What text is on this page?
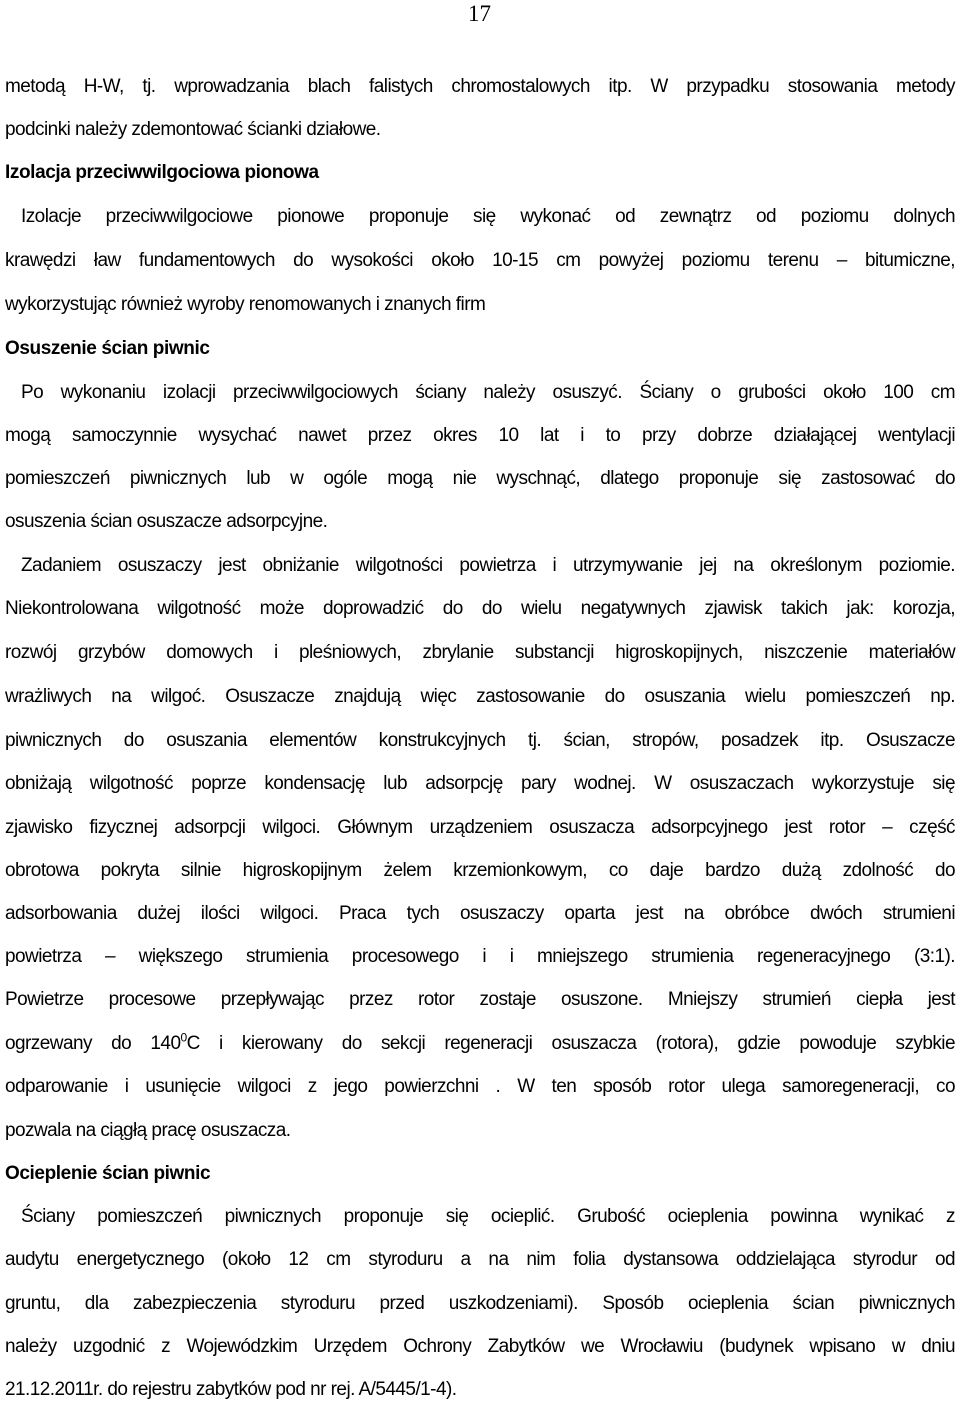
17
metodą H-W, tj. wprowadzania blach falistych chromostalowych itp. W przypadku stosowania metody
podcinki należy zdemontować ścianki działowe.
Izolacja przeciwwilgociowa pionowa
Izolacje przeciwwilgociowe pionowe proponuje się wykonać od zewnątrz od poziomu dolnych
krawędzi ław fundamentowych do wysokości około 10-15 cm powyżej poziomu terenu – bitumiczne,
wykorzystując również wyroby renomowanych i znanych firm
Osuszenie ścian piwnic
Po wykonaniu izolacji przeciwwilgociowych ściany należy osuszyć. Ściany o grubości około 100 cm
mogą samoczynnie wysychać nawet przez okres 10 lat i to przy dobrze działającej wentylacji
pomieszczeń piwnicznych lub w ogóle mogą nie wyschnąć, dlatego proponuje się zastosować do
osuszenia ścian osuszacze adsorpcyjne.
Zadaniem osuszaczy jest obniżanie wilgotności powietrza i utrzymywanie jej na określonym poziomie.
Niekontrolowana wilgotność może doprowadzić do do wielu negatywnych zjawisk takich jak: korozja,
rozwój grzybów domowych i pleśniowych, zbrylanie substancji higroskopijnych, niszczenie materiałów
wrażliwych na wilgoć. Osuszacze znajdują więc zastosowanie do osuszania wielu pomieszczeń np.
piwnicznych do osuszania elementów konstrukcyjnych tj. ścian, stropów, posadzek itp. Osuszacze
obniżają wilgotność poprze kondensację lub adsorpcję pary wodnej. W osuszaczach wykorzystuje się
zjawisko fizycznej adsorpcji wilgoci. Głównym urządzeniem osuszacza adsorpcyjnego jest rotor – część
obrotowa pokryta silnie higroskopijnym żelem krzemionkowym, co daje bardzo dużą zdolność do
adsorbowania dużej ilości wilgoci. Praca tych osuszaczy oparta jest na obróbce dwóch strumieni
powietrza – większego strumienia procesowego i i mniejszego strumienia regeneracyjnego (3:1).
Powietrze procesowe przepływając przez rotor zostaje osuszone. Mniejszy strumień ciepła jest
ogrzewany do $140^0C$ i kierowany do sekcji regeneracji osuszacza (rotora), gdzie powoduje szybkie
odparowanie i usunięcie wilgoci z jego powierzchni . W ten sposób rotor ulega samoregeneracji, co
pozwala na ciągłą pracę osuszacza.
Ocieplenie ścian piwnic
Ściany pomieszczeń piwnicznych proponuje się ocieplić. Grubość ocieplenia powinna wynikać z
audytu energetycznego (około 12 cm styroduru a na nim folia dystansowa oddzielająca styrodur od
gruntu, dla zabezpieczenia styroduru przed uszkodzeniami). Sposób ocieplenia ścian piwnicznych
należy uzgodnić z Wojewódzkim Urzędem Ochrony Zabytków we Wrocławiu (budynek wpisano w dniu
21.12.2011r. do rejestru zabytków pod nr rej. A/5445/1-4).
